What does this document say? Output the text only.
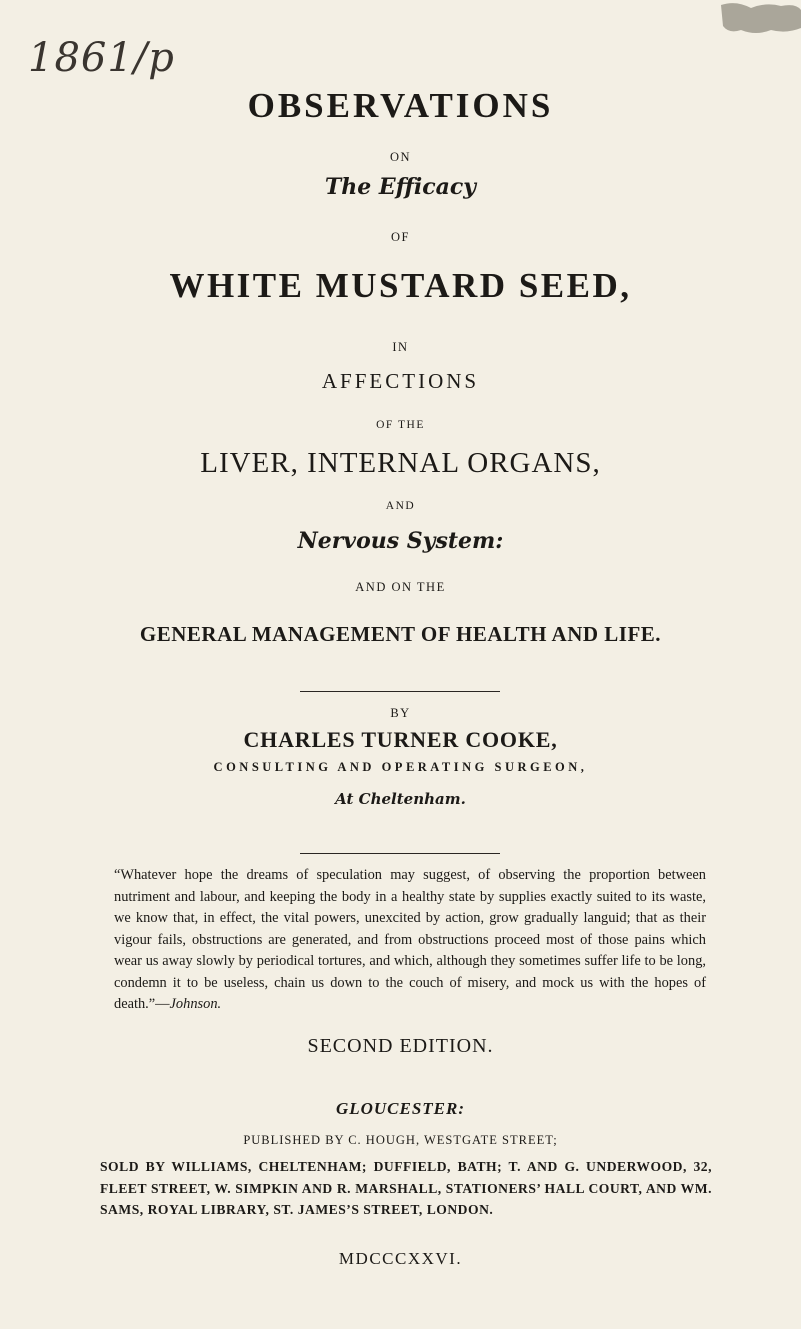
1861/p
OBSERVATIONS
ON
The Efficacy
OF
WHITE MUSTARD SEED,
IN
AFFECTIONS
OF THE
LIVER, INTERNAL ORGANS,
AND
Nervous System:
AND ON THE
GENERAL MANAGEMENT OF HEALTH AND LIFE.
BY
CHARLES TURNER COOKE,
CONSULTING AND OPERATING SURGEON,
At Cheltenham.
“Whatever hope the dreams of speculation may suggest, of observing the proportion between nutriment and labour, and keeping the body in a healthy state by supplies exactly suited to its waste, we know that, in effect, the vital powers, unexcited by action, grow gradually languid; that as their vigour fails, obstructions are generated, and from obstructions proceed most of those pains which wear us away slowly by periodical tortures, and which, although they sometimes suffer life to be long, condemn it to be useless, chain us down to the couch of misery, and mock us with the hopes of death.”—Johnson.
SECOND EDITION.
GLOUCESTER:
PUBLISHED BY C. HOUGH, WESTGATE STREET;
SOLD BY WILLIAMS, CHELTENHAM; DUFFIELD, BATH; T. AND G. UNDERWOOD, 32, FLEET STREET, W. SIMPKIN AND R. MARSHALL, STATIONERS’ HALL COURT, AND WM. SAMS, ROYAL LIBRARY, ST. JAMES’S STREET, LONDON.
MDCCCXXVI.
